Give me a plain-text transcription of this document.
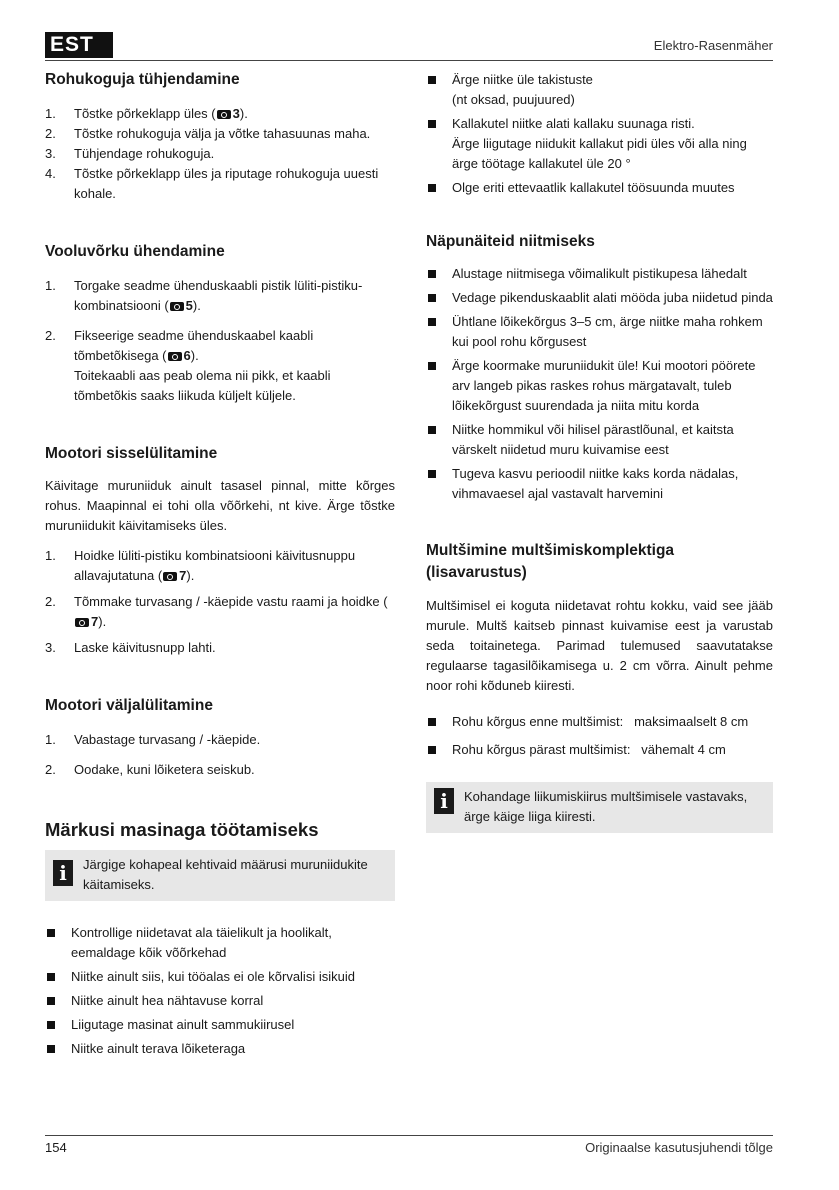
EST	Elektro-Rasenmäher
Rohukoguja tühjendamine
1. Tõstke põrkeklapp üles ( 3).
2. Tõstke rohukoguja välja ja võtke tahasuunas maha.
3. Tühjendage rohukoguja.
4. Tõstke põrkeklapp üles ja riputage rohukoguja uuesti kohale.
Vooluvõrku ühendamine
1. Torgake seadme ühenduskaabli pistik lüliti-pistiku-kombinatsiooni ( 5).
2. Fikseerige seadme ühenduskaabel kaabli tõmbetõkisega ( 6).
Toitekaabli aas peab olema nii pikk, et kaabli tõmbetõkis saaks liikuda küljelt küljele.
Mootori sisselülitamine

Käivitage muruniiduk ainult tasasel pinnal, mitte kõrges rohus. Maapinnal ei tohi olla võõrkehi, nt kive. Ärge tõstke muruniidukit käivitamiseks üles.

1. Hoidke lüliti-pistiku kombinatsiooni käivitusnuppu allavajutatuna ( 7).
2. Tõmmake turvasang / -käepide vastu raami ja hoidke (7).
3. Laske käivitusnupp lahti.
Mootori väljalülitamine
1. Vabastage turvasang / -käepide.
2. Oodake, kuni lõiketera seiskub.
Märkusi masinaga töötamiseks
i	Järgige kohapeal kehtivaid määrusi muruniidukite käitamiseks.
Kontrollige niidetavat ala täielikult ja hoolikalt, eemaldage kõik võõrkehad
Niitke ainult siis, kui tööalas ei ole kõrvalisi isikuid
Niitke ainult hea nähtavuse korral
Liigutage masinat ainult sammukiirusel
Niitke ainult terava lõiketeraga
Ärge niitke üle takistuste
(nt oksad, puujuured)
Kallakutel niitke alati kallaku suunaga risti.
Ärge liigutage niidukit kallakut pidi üles või alla ning ärge töötage kallakutel üle 20 °
Olge eriti ettevaatlik kallakutel töösuunda muutes
Näpunäiteid niitmiseks
Alustage niitmisega võimalikult pistikupesa lähedalt
Vedage pikenduskaablit alati mööda juba niidetud pinda
Ühtlane lõikekõrgus 3–5 cm, ärge niitke maha rohkem kui pool rohu kõrgusest
Ärge koormake muruniidukit üle! Kui mootori pöörete arv langeb pikas raskes rohus märgatavalt, tuleb lõikekõrgust suurendada ja niita mitu korda
Niitke hommikul või hilisel pärastlõunal, et kaitsta värskelt niidetud muru kuivamise eest
Tugeva kasvu perioodil niitke kaks korda nädalas, vihmavaesel ajal vastavalt harvemini
Multšimine multšimiskomplektiga
(lisavarustus)

Multšimisel ei koguta niidetavat rohtu kokku, vaid see jääb murule. Multš kaitseb pinnast kuivamise eest ja varustab seda toitainetega. Parimad tulemused saavutatakse regulaarse tagasilõikamisega u. 2 cm võrra. Ainult pehme noor rohi kõduneb kiiresti.

Rohu kõrgus enne multšimist: maksimaalselt 8 cm
Rohu kõrgus pärast multšimist: vähemalt 4 cm
i	Kohandage liikumiskiirus multšimisele vastavaks, ärge käige liiga kiiresti.
154	Originaalse kasutusjuhendi tõlge
